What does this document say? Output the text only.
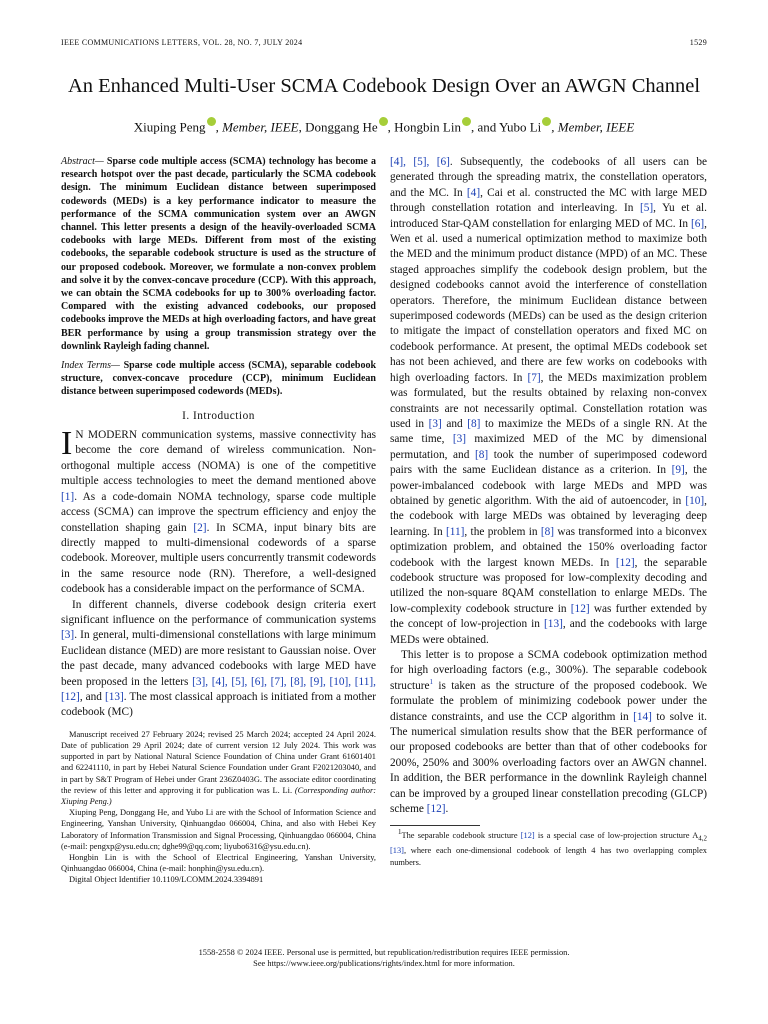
IEEE COMMUNICATIONS LETTERS, VOL. 28, NO. 7, JULY 2024	1529
An Enhanced Multi-User SCMA Codebook Design Over an AWGN Channel
Xiuping Peng , Member, IEEE, Donggang He , Hongbin Lin , and Yubo Li , Member, IEEE
Abstract— Sparse code multiple access (SCMA) technology has become a research hotspot over the past decade, particularly the SCMA codebook design. The minimum Euclidean distance between superimposed codewords (MEDs) is a key performance indicator to measure the performance of the SCMA communication system over an AWGN channel. This letter presents a design of the heavily-overloaded SCMA codebooks with large MEDs. Different from most of the existing codebooks, the separable codebook structure is used as the structure of our proposed codebook. Moreover, we formulate a non-convex problem and solve it by the convex-concave procedure (CCP). With this approach, we can obtain the SCMA codebooks for up to 300% overloading factor. Compared with the existing advanced codebooks, our proposed codebooks improve the MEDs at high overloading factors, and have great BER performance by using a group transmission strategy over the downlink Rayleigh fading channel.
Index Terms— Sparse code multiple access (SCMA), separable codebook structure, convex-concave procedure (CCP), minimum Euclidean distance between superimposed codewords (MEDs).
I. Introduction

I N MODERN communication systems, massive connectivity has become the core demand of wireless communication. Non-orthogonal multiple access (NOMA) is one of the competitive multiple access technologies to meet the demand mentioned above [1]. As a code-domain NOMA technology, sparse code multiple access (SCMA) can improve the spectrum efficiency and enjoy the constellation shaping gain [2]. In SCMA, input binary bits are directly mapped to multi-dimensional codewords of a sparse codebook. Moreover, multiple users concurrently transmit codewords in the same resource node (RN). Therefore, a well-designed codebook has a considerable impact on the performance of SCMA.

In different channels, diverse codebook design criteria exert significant influence on the performance of communication systems [3]. In general, multi-dimensional constellations with large minimum Euclidean distance (MED) are more resistant to Gaussian noise. Over the past decade, many advanced codebooks with large MED have been proposed in the letters [3], [4], [5], [6], [7], [8], [9], [10], [11], [12], and [13]. The most classical approach is initiated from a mother codebook (MC)

Manuscript received 27 February 2024; revised 25 March 2024; accepted 24 April 2024. Date of publication 29 April 2024; date of current version 12 July 2024. This work was supported in part by National Natural Science Foundation of China under Grant 61601401 and 62241110, in part by Hebei Natural Science Foundation under Grant F2021203040, and in part by S&T Program of Hebei under Grant 236Z0403G. The associate editor coordinating the review of this letter and approving it for publication was L. Li. (Corresponding author: Xiuping Peng.)

Xiuping Peng, Donggang He, and Yubo Li are with the School of Information Science and Engineering, Yanshan University, Qinhuangdao 066004, China, and also with Hebei Key Laboratory of Information Transmission and Signal Processing, Qinhuangdao 066004, China (e-mail: pengxp@ysu.edu.cn; dghe99@qq.com; liyubo6316@ysu.edu.cn).

Hongbin Lin is with the School of Electrical Engineering, Yanshan University, Qinhuangdao 066004, China (e-mail: honphin@ysu.edu.cn).

Digital Object Identifier 10.1109/LCOMM.2024.3394891

[4], [5], [6]. Subsequently, the codebooks of all users can be generated through the spreading matrix, the constellation operators, and the MC. In [4], Cai et al. constructed the MC with large MED through constellation rotation and interleaving. In [5], Yu et al. introduced Star-QAM constellation for enlarging MED of MC. In [6], Wen et al. used a numerical optimization method to maximize both the MED and the minimum product distance (MPD) of an MC. These staged approaches simplify the codebook design problem, but the designed codebooks cannot avoid the interference of constellation operators. Therefore, the minimum Euclidean distance between superimposed codewords (MEDs) can be used as the design criterion to mitigate the impact of constellation operators and fixed MC on codebook performance. At present, the optimal MEDs codebook set has not been achieved, and there are few works on codebooks with high overloading factors. In [7], the MEDs maximization problem was formulated, but the results obtained by relaxing non-convex constraints are not necessarily optimal. Constellation rotation was used in [3] and [8] to maximize the MEDs of a single RN. At the same time, [3] maximized MED of the MC by dimensional permutation, and [8] took the number of superimposed codeword pairs with the same Euclidean distance as a criterion. In [9], the power-imbalanced codebook with large MEDs and MPD was obtained by genetic algorithm. With the aid of autoencoder, in [10], the codebook with large MEDs was obtained by leveraging deep learning. In [11], the problem in [8] was transformed into a biconvex optimization problem, and obtained the 150% overloading factor codebook with the largest known MEDs. In [12], the separable codebook structure was proposed for low-complexity decoding and utilized the non-square 8QAM constellation to enlarge MEDs. The low-complexity codebook structure in [12] was further extended by the concept of low-projection in [13], and the codebooks with large MEDs were obtained.

This letter is to propose a SCMA codebook optimization method for high overloading factors (e.g., 300%). The separable codebook structure$^1$ is taken as the structure of the proposed codebook. We formulate the problem of minimizing codebook power under the distance constraints, and use the CCP algorithm in [14] to solve it. The numerical simulation results show that the BER performance of our proposed codebooks are better than that of other codebooks for 200%, 250% and 300% overloading factors over an AWGN channel. In addition, the BER performance in the downlink Rayleigh channel can be improved by a grouped linear constellation precoding (GLCP) scheme [12].

$^1$The separable codebook structure [12] is a special case of low-projection structure $A_{4,2}$ [13], where each one-dimensional codebook of length 4 has two overlapping complex numbers.

1558-2558 © 2024 IEEE. Personal use is permitted, but republication/redistribution requires IEEE permission.
See https://www.ieee.org/publications/rights/index.html for more information.
